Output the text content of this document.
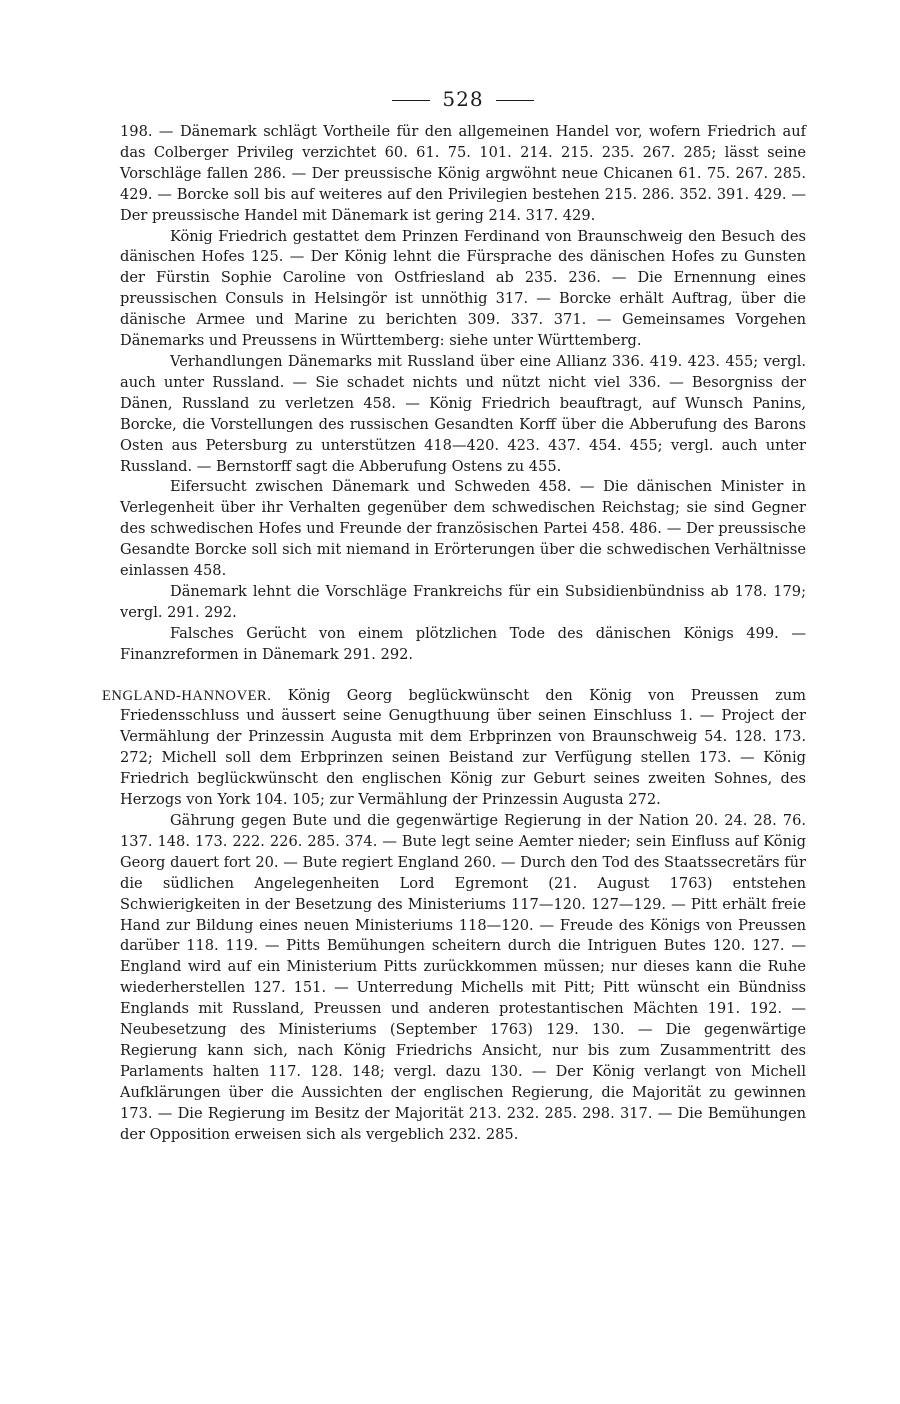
528

198. — Dänemark schlägt Vortheile für den allgemeinen Handel vor, wofern Friedrich auf das Colberger Privileg verzichtet 60. 61. 75. 101. 214. 215. 235. 267. 285; lässt seine Vorschläge fallen 286. — Der preussische König argwöhnt neue Chicanen 61. 75. 267. 285. 429. — Borcke soll bis auf weiteres auf den Privilegien bestehen 215. 286. 352. 391. 429. — Der preussische Handel mit Dänemark ist gering 214. 317. 429.

König Friedrich gestattet dem Prinzen Ferdinand von Braunschweig den Besuch des dänischen Hofes 125. — Der König lehnt die Fürsprache des dänischen Hofes zu Gunsten der Fürstin Sophie Caroline von Ostfriesland ab 235. 236. — Die Ernennung eines preussischen Consuls in Helsingör ist unnöthig 317. — Borcke erhält Auftrag, über die dänische Armee und Marine zu berichten 309. 337. 371. — Gemeinsames Vorgehen Dänemarks und Preussens in Württemberg: siehe unter Württemberg.

Verhandlungen Dänemarks mit Russland über eine Allianz 336. 419. 423. 455; vergl. auch unter Russland. — Sie schadet nichts und nützt nicht viel 336. — Besorgniss der Dänen, Russland zu verletzen 458. — König Friedrich beauftragt, auf Wunsch Panins, Borcke, die Vorstellungen des russischen Gesandten Korff über die Abberufung des Barons Osten aus Petersburg zu unterstützen 418—420. 423. 437. 454. 455; vergl. auch unter Russland. — Bernstorff sagt die Abberufung Ostens zu 455.

Eifersucht zwischen Dänemark und Schweden 458. — Die dänischen Minister in Verlegenheit über ihr Verhalten gegenüber dem schwedischen Reichstag; sie sind Gegner des schwedischen Hofes und Freunde der französischen Partei 458. 486. — Der preussische Gesandte Borcke soll sich mit niemand in Erörterungen über die schwedischen Verhältnisse einlassen 458.

Dänemark lehnt die Vorschläge Frankreichs für ein Subsidienbündniss ab 178. 179; vergl. 291. 292.

Falsches Gerücht von einem plötzlichen Tode des dänischen Königs 499. — Finanzreformen in Dänemark 291. 292.

ENGLAND-HANNOVER. König Georg beglückwünscht den König von Preussen zum Friedensschluss und äussert seine Genugthuung über seinen Einschluss 1. — Project der Vermählung der Prinzessin Augusta mit dem Erbprinzen von Braunschweig 54. 128. 173. 272; Michell soll dem Erbprinzen seinen Beistand zur Verfügung stellen 173. — König Friedrich beglückwünscht den englischen König zur Geburt seines zweiten Sohnes, des Herzogs von York 104. 105; zur Vermählung der Prinzessin Augusta 272.

Gährung gegen Bute und die gegenwärtige Regierung in der Nation 20. 24. 28. 76. 137. 148. 173. 222. 226. 285. 374. — Bute legt seine Aemter nieder; sein Einfluss auf König Georg dauert fort 20. — Bute regiert England 260. — Durch den Tod des Staatssecretärs für die südlichen Angelegenheiten Lord Egremont (21. August 1763) entstehen Schwierigkeiten in der Besetzung des Ministeriums 117—120. 127—129. — Pitt erhält freie Hand zur Bildung eines neuen Ministeriums 118—120. — Freude des Königs von Preussen darüber 118. 119. — Pitts Bemühungen scheitern durch die Intriguen Butes 120. 127. — England wird auf ein Ministerium Pitts zurückkommen müssen; nur dieses kann die Ruhe wiederherstellen 127. 151. — Unterredung Michells mit Pitt; Pitt wünscht ein Bündniss Englands mit Russland, Preussen und anderen protestantischen Mächten 191. 192. — Neubesetzung des Ministeriums (September 1763) 129. 130. — Die gegenwärtige Regierung kann sich, nach König Friedrichs Ansicht, nur bis zum Zusammentritt des Parlaments halten 117. 128. 148; vergl. dazu 130. — Der König verlangt von Michell Aufklärungen über die Aussichten der englischen Regierung, die Majorität zu gewinnen 173. — Die Regierung im Besitz der Majorität 213. 232. 285. 298. 317. — Die Bemühungen der Opposition erweisen sich als vergeblich 232. 285.
